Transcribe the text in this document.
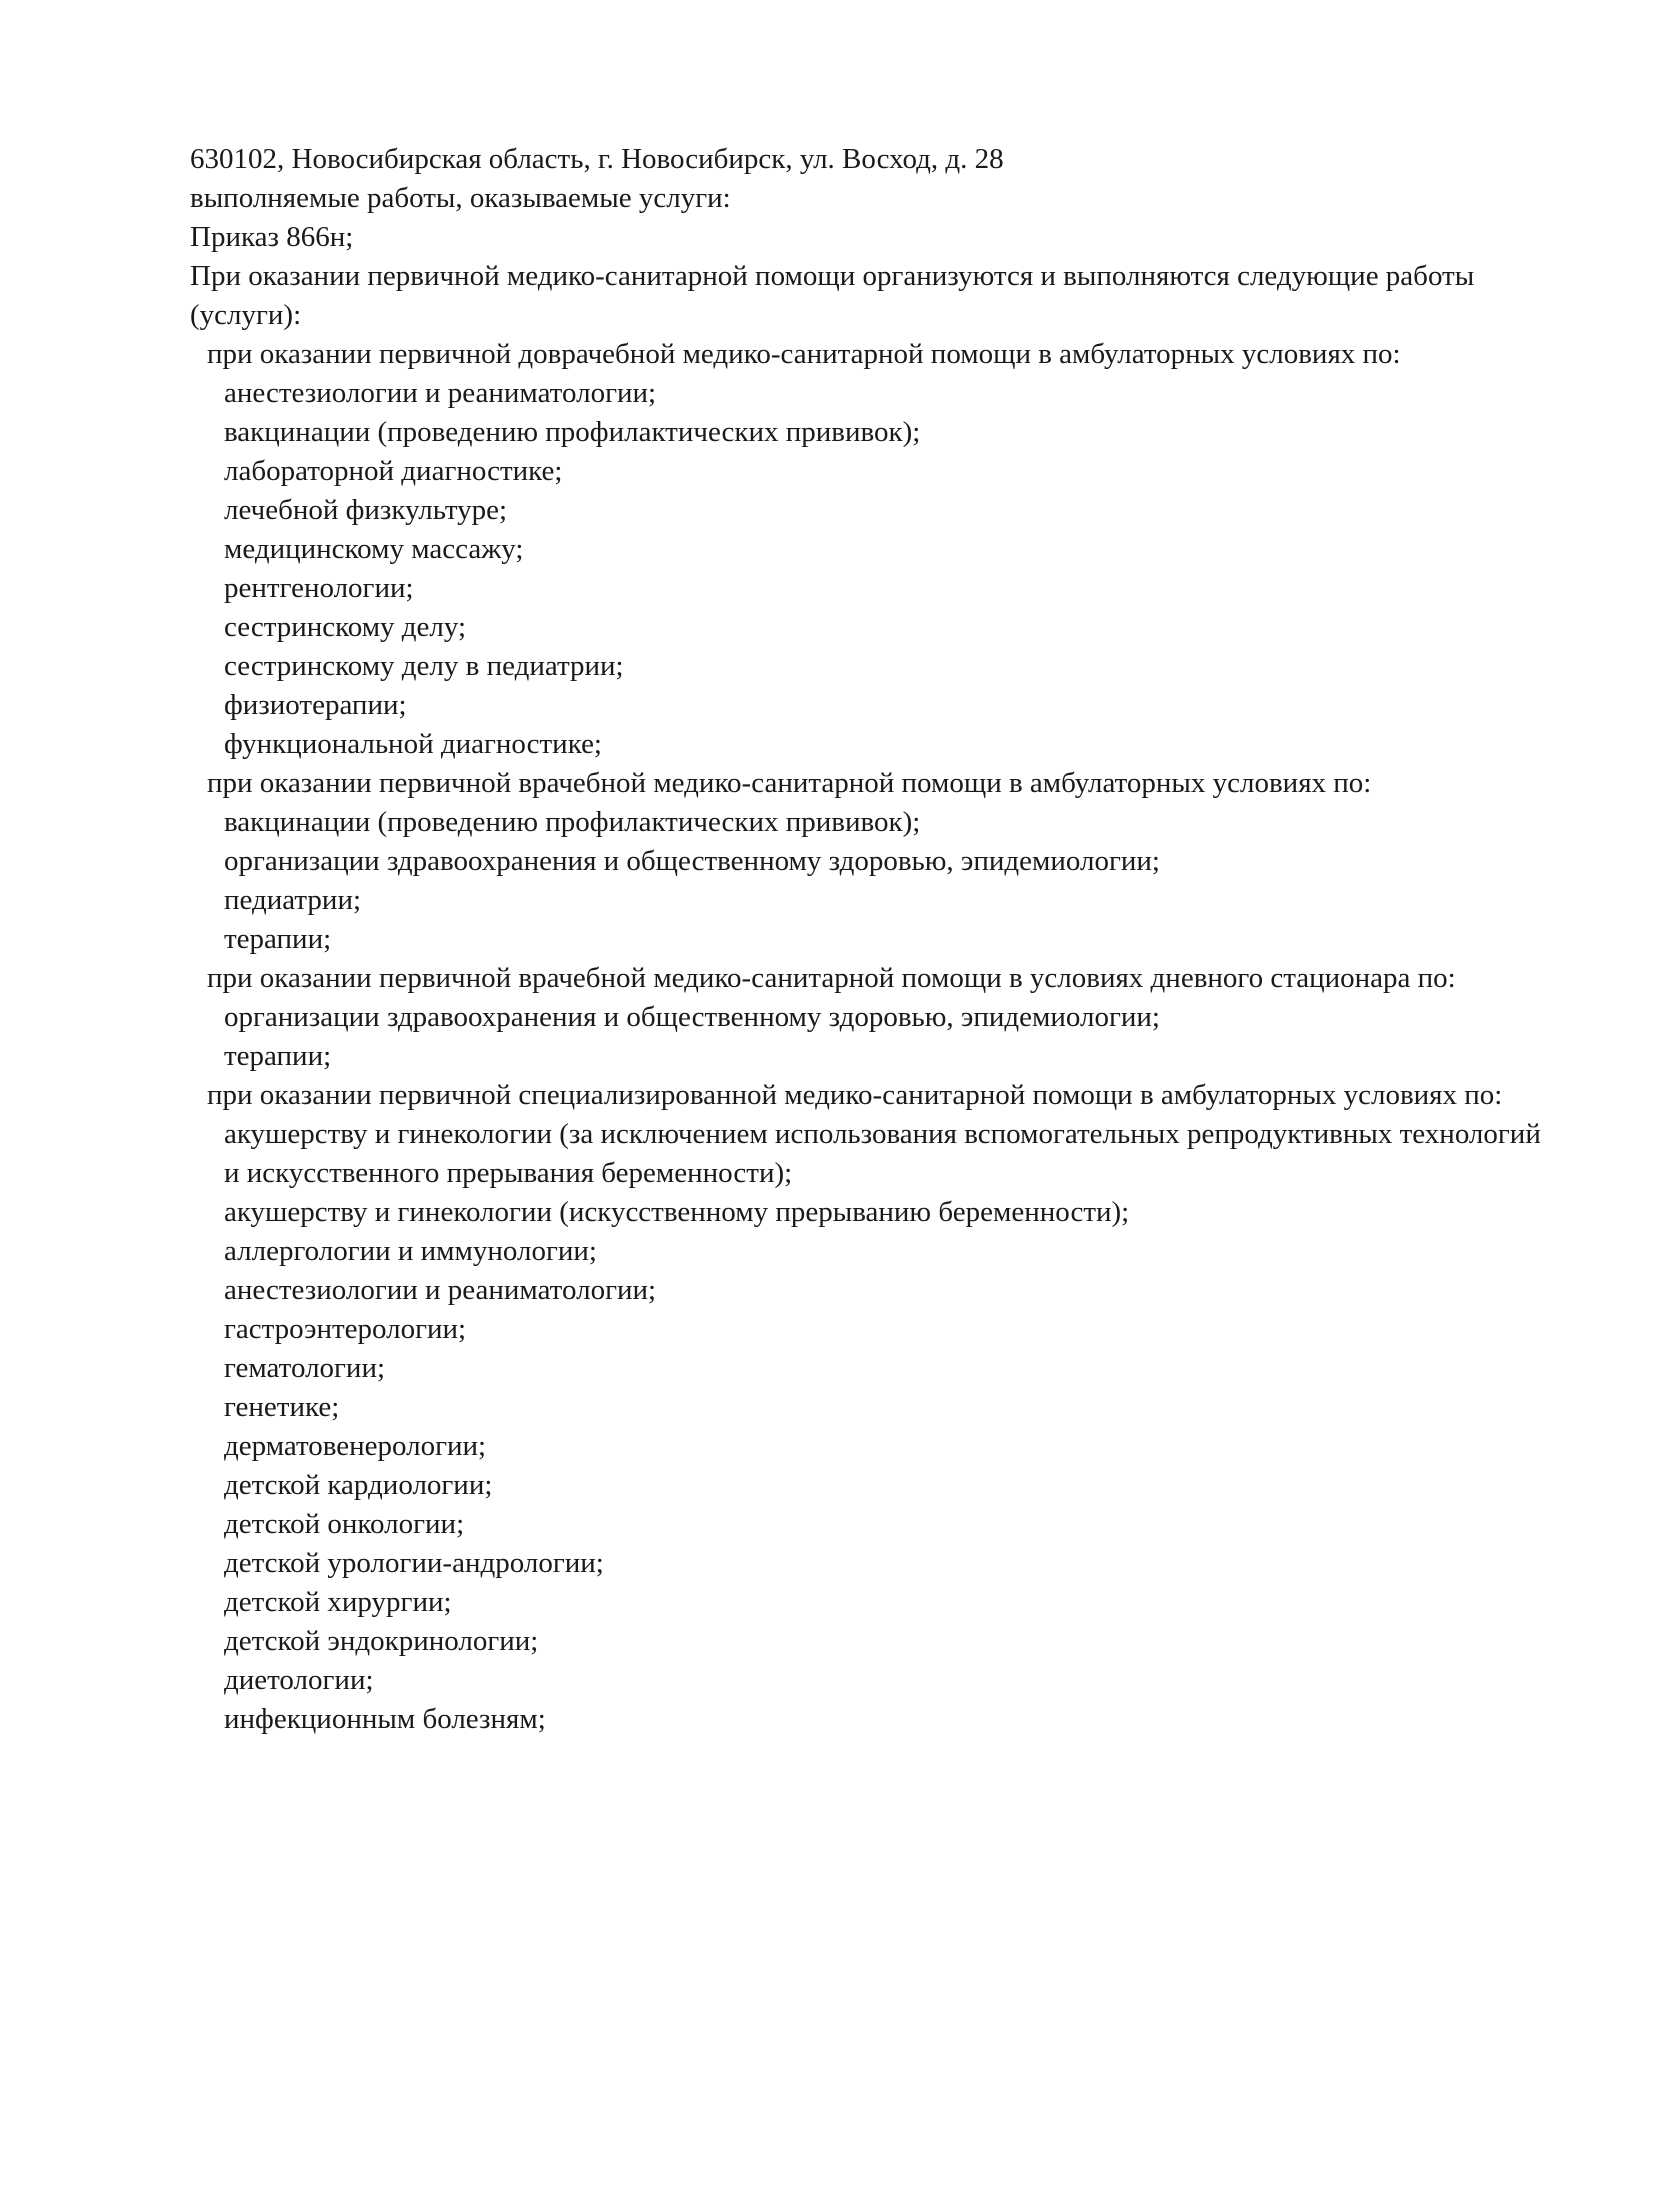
630102, Новосибирская область, г. Новосибирск, ул. Восход, д. 28

выполняемые работы, оказываемые услуги:

Приказ 866н;

При оказании первичной медико-санитарной помощи организуются и выполняются следующие работы (услуги):

при оказании первичной доврачебной медико-санитарной помощи в амбулаторных условиях по:

анестезиологии и реаниматологии;

вакцинации (проведению профилактических прививок);

лабораторной диагностике;

лечебной физкультуре;

медицинскому массажу;

рентгенологии;

сестринскому делу;

сестринскому делу в педиатрии;

физиотерапии;

функциональной диагностике;

при оказании первичной врачебной медико-санитарной помощи в амбулаторных условиях по:

вакцинации (проведению профилактических прививок);

организации здравоохранения и общественному здоровью, эпидемиологии;

педиатрии;

терапии;

при оказании первичной врачебной медико-санитарной помощи в условиях дневного стационара по:

организации здравоохранения и общественному здоровью, эпидемиологии;

терапии;

при оказании первичной специализированной медико-санитарной помощи в амбулаторных условиях по:

акушерству и гинекологии (за исключением использования вспомогательных репродуктивных технологий и искусственного прерывания беременности);

акушерству и гинекологии (искусственному прерыванию беременности);

аллергологии и иммунологии;

анестезиологии и реаниматологии;

гастроэнтерологии;

гематологии;

генетике;

дерматовенерологии;

детской кардиологии;

детской онкологии;

детской урологии-андрологии;

детской хирургии;

детской эндокринологии;

диетологии;

инфекционным болезням;
